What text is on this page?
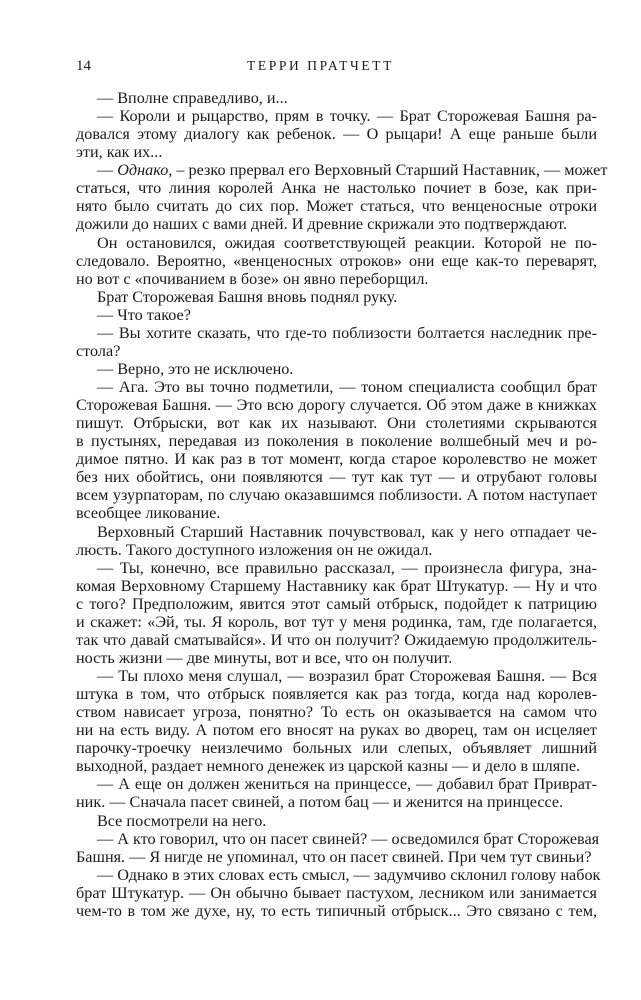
14	ТЕРРИ ПРАТЧЕТТ
— Вполне справедливо, и...
— Короли и рыцарство, прям в точку. — Брат Сторожевая Башня ра-
довался этому диалогу как ребенок. — О рыцари! А еще раньше были
эти, как их...
— Однако, – резко прервал его Верховный Старший Наставник, — может
статься, что линия королей Анка не настолько почиет в бозе, как при-
нято было считать до сих пор. Может статься, что венценосные отроки
дожили до наших с вами дней. И древние скрижали это подтверждают.
Он остановился, ожидая соответствующей реакции. Которой не по-
следовало. Вероятно, «венценосных отроков» они еще как-то переварят,
но вот с «почиванием в бозе» он явно переборщил.
Брат Сторожевая Башня вновь поднял руку.
— Что такое?
— Вы хотите сказать, что где-то поблизости болтается наследник пре-
стола?
— Верно, это не исключено.
— Ага. Это вы точно подметили, — тоном специалиста сообщил брат
Сторожевая Башня. — Это всю дорогу случается. Об этом даже в книжках
пишут. Отбрыски, вот как их называют. Они столетиями скрываются
в пустынях, передавая из поколения в поколение волшебный меч и ро-
димое пятно. И как раз в тот момент, когда старое королевство не может
без них обойтись, они появляются — тут как тут — и отрубают головы
всем узурпаторам, по случаю оказавшимся поблизости. А потом наступает
всеобщее ликование.
Верховный Старший Наставник почувствовал, как у него отпадает че-
люсть. Такого доступного изложения он не ожидал.
— Ты, конечно, все правильно рассказал, — произнесла фигура, зна-
комая Верховному Старшему Наставнику как брат Штукатур. — Ну и что
с того? Предположим, явится этот самый отбрыск, подойдет к патрицию
и скажет: «Эй, ты. Я король, вот тут у меня родинка, там, где полагается,
так что давай сматывайся». И что он получит? Ожидаемую продолжитель-
ность жизни — две минуты, вот и все, что он получит.
— Ты плохо меня слушал, — возразил брат Сторожевая Башня. — Вся
штука в том, что отбрыск появляется как раз тогда, когда над королев-
ством нависает угроза, понятно? То есть он оказывается на самом что
ни на есть виду. А потом его вносят на руках во дворец, там он исцеляет
парочку-троечку неизлечимо больных или слепых, объявляет лишний
выходной, раздает немного денежек из царской казны — и дело в шляпе.
— А еще он должен жениться на принцессе, — добавил брат Приврат-
ник. — Сначала пасет свиней, а потом бац — и женится на принцессе.
Все посмотрели на него.
— А кто говорил, что он пасет свиней? — осведомился брат Сторожевая
Башня. — Я нигде не упоминал, что он пасет свиней. При чем тут свиньи?
— Однако в этих словах есть смысл, — задумчиво склонил голову набок
брат Штукатур. — Он обычно бывает пастухом, лесником или занимается
чем-то в том же духе, ну, то есть типичный отбрыск... Это связано с тем,
